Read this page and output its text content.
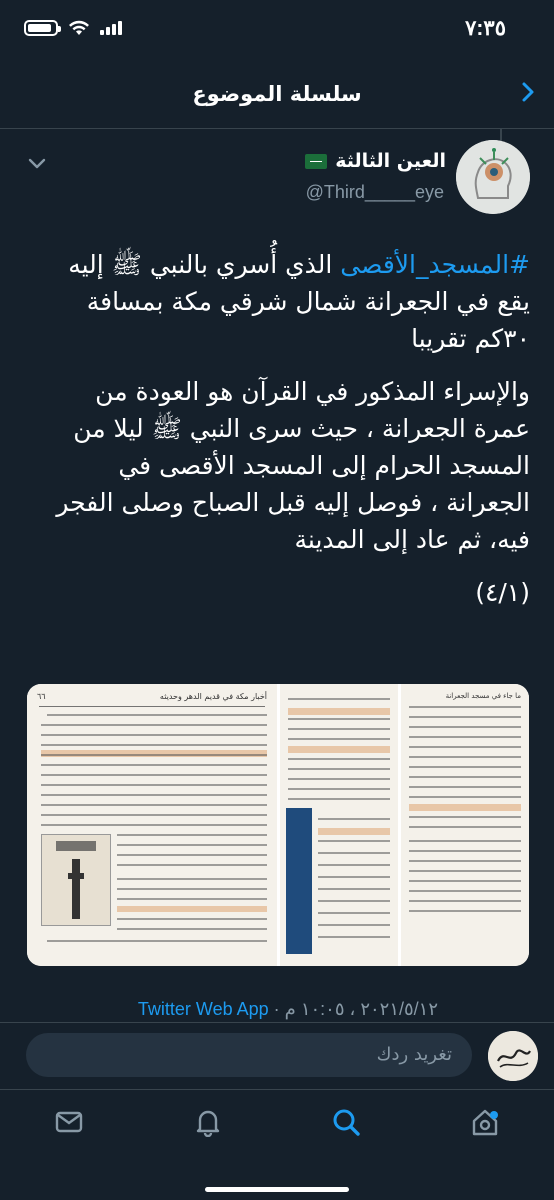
٧:٣٥
سلسلة الموضوع
العين الثالثة
@Third_____eye

#المسجد_الأقصى الذي أُسري بالنبي ﷺ إليه يقع في الجعرانة شمال شرقي مكة بمسافة ٣٠كم تقريبا

والإسراء المذكور في القرآن هو العودة من عمرة الجعرانة ، حيث سرى النبي ﷺ ليلا من المسجد الحرام إلى المسجد الأقصى في الجعرانة ، فوصل إليه قبل الصباح وصلى الفجر فيه، ثم عاد إلى المدينة

(٤/١)

أخبار مكة في قديم الدهر وحديثه
٦٦	ما جاء في مسجد الجعرانة
٢٠٢١/٥/١٢ ، ١٠:٠٥ م · Twitter Web App
تغريد ردك
